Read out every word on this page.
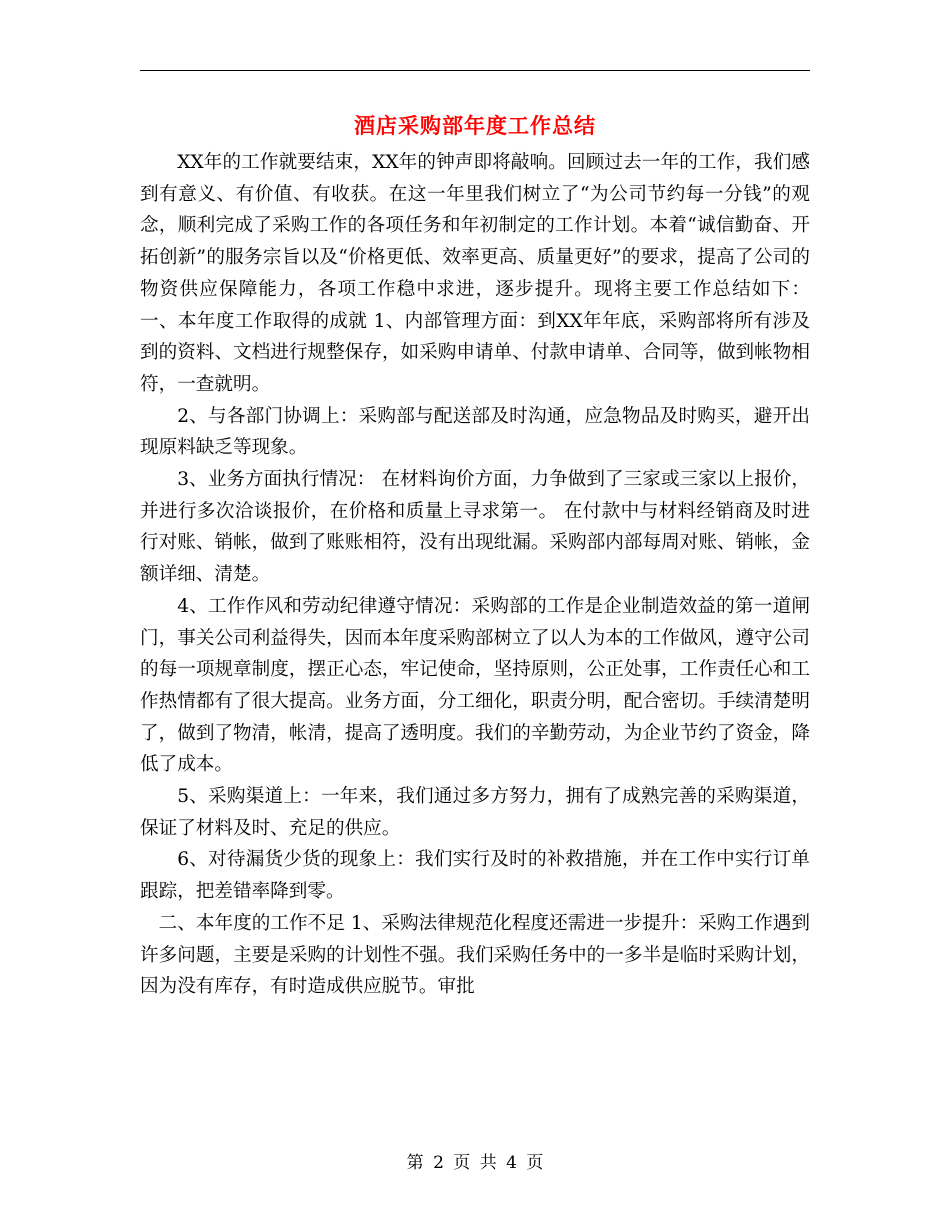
酒店采购部年度工作总结

XX年的工作就要结束，XX年的钟声即将敲响。回顾过去一年的工作，我们感到有意义、有价值、有收获。在这一年里我们树立了“为公司节约每一分钱”的观念，顺利完成了采购工作的各项任务和年初制定的工作计划。本着“诚信勤奋、开拓创新”的服务宗旨以及“价格更低、效率更高、质量更好”的要求，提高了公司的物资供应保障能力，各项工作稳中求进，逐步提升。现将主要工作总结如下： 一、本年度工作取得的成就 1、内部管理方面：到XX年年底，采购部将所有涉及到的资料、文档进行规整保存，如采购申请单、付款申请单、合同等，做到帐物相符，一查就明。

2、与各部门协调上：采购部与配送部及时沟通，应急物品及时购买，避开出现原料缺乏等现象。

3、业务方面执行情况： 在材料询价方面，力争做到了三家或三家以上报价，并进行多次洽谈报价，在价格和质量上寻求第一。 在付款中与材料经销商及时进行对账、销帐，做到了账账相符，没有出现纰漏。采购部内部每周对账、销帐，金额详细、清楚。

4、工作作风和劳动纪律遵守情况：采购部的工作是企业制造效益的第一道闸门，事关公司利益得失，因而本年度采购部树立了以人为本的工作做风，遵守公司的每一项规章制度，摆正心态，牢记使命，坚持原则，公正处事，工作责任心和工作热情都有了很大提高。业务方面，分工细化，职责分明，配合密切。手续清楚明了，做到了物清，帐清，提高了透明度。我们的辛勤劳动，为企业节约了资金，降低了成本。

5、采购渠道上：一年来，我们通过多方努力，拥有了成熟完善的采购渠道，保证了材料及时、充足的供应。

6、对待漏货少货的现象上：我们实行及时的补救措施，并在工作中实行订单跟踪，把差错率降到零。

二、本年度的工作不足 1、采购法律规范化程度还需进一步提升：采购工作遇到许多问题，主要是采购的计划性不强。我们采购任务中的一多半是临时采购计划，因为没有库存，有时造成供应脱节。审批

第 2 页 共 4 页
